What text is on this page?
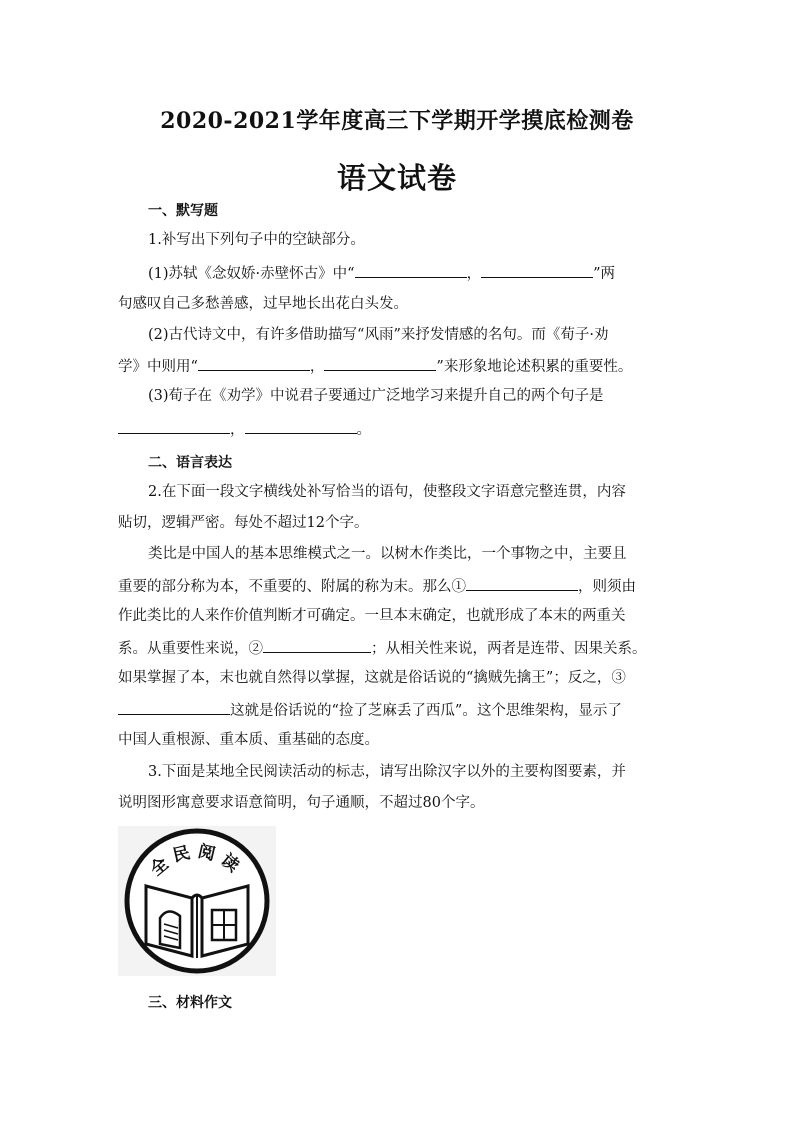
2020-2021学年度高三下学期开学摸底检测卷
语文试卷
一、默写题
1.补写出下列句子中的空缺部分。
(1)苏轼《念奴娇·赤壁怀古》中“	，	”两
句感叹自己多愁善感，过早地长出花白头发。
(2)古代诗文中，有许多借助描写“风雨”来抒发情感的名句。而《荀子·劝
学》中则用“	，	”来形象地论述积累的重要性。
(3)荀子在《劝学》中说君子要通过广泛地学习来提升自己的两个句子是
，	。
二、语言表达
2.在下面一段文字横线处补写恰当的语句，使整段文字语意完整连贯，内容
贴切，逻辑严密。每处不超过12个字。
类比是中国人的基本思维模式之一。以树木作类比，一个事物之中，主要且
重要的部分称为本，不重要的、附属的称为末。那么①	，则须由
作此类比的人来作价值判断才可确定。一旦本末确定，也就形成了本末的两重关
系。从重要性来说，②	；从相关性来说，两者是连带、因果关系。
如果掌握了本，末也就自然得以掌握，这就是俗话说的“擒贼先擒王”；反之，③
这就是俗话说的“捡了芝麻丢了西瓜”。这个思维架构，显示了
中国人重根源、重本质、重基础的态度。
3.下面是某地全民阅读活动的标志，请写出除汉字以外的主要构图要素，并
说明图形寓意要求语意简明，句子通顺，不超过80个字。
全民阅读
三、材料作文
